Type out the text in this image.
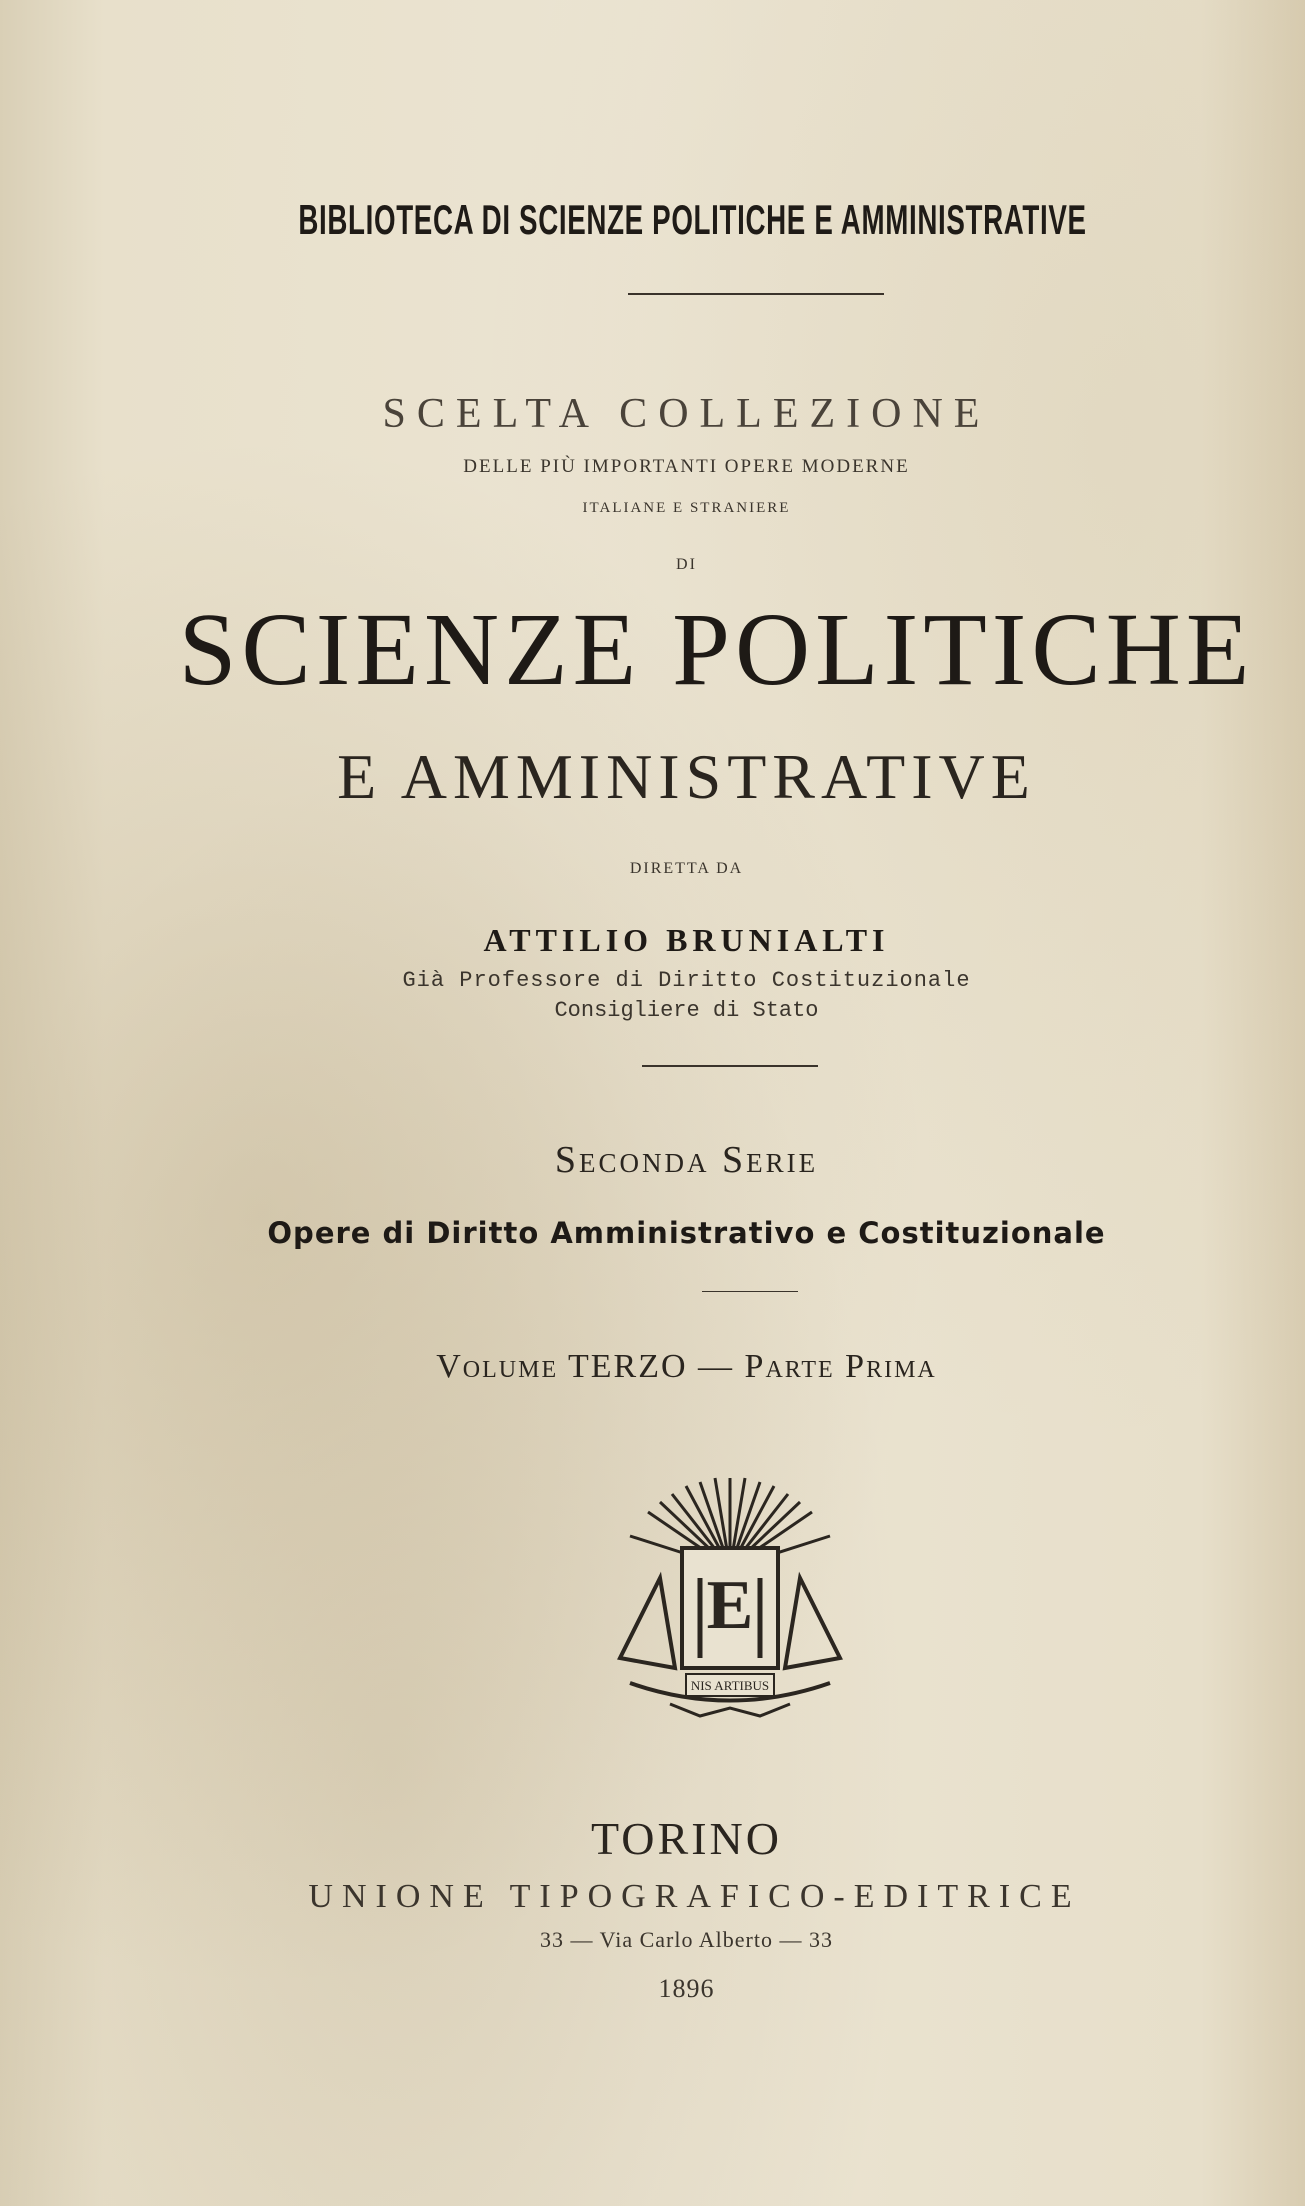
BIBLIOTECA DI SCIENZE POLITICHE E AMMINISTRATIVE
SCELTA COLLEZIONE
DELLE PIÙ IMPORTANTI OPERE MODERNE
ITALIANE E STRANIERE
DI
SCIENZE POLITICHE
E AMMINISTRATIVE
DIRETTA DA
ATTILIO BRUNIALTI
Già Professore di Diritto Costituzionale
Consigliere di Stato
Seconda Serie
Opere di Diritto Amministrativo e Costituzionale
Volume TERZO — Parte Prima
E
NIS ARTIBUS
TORINO
UNIONE TIPOGRAFICO-EDITRICE
33 — Via Carlo Alberto — 33
1896
